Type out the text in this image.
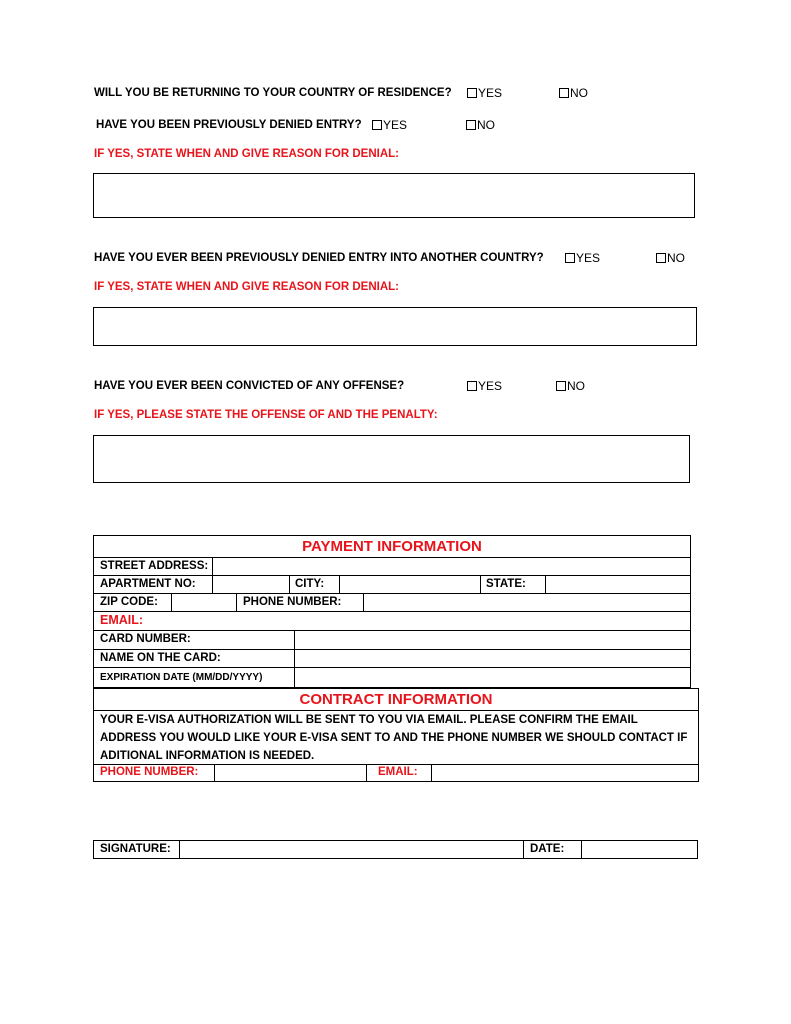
WILL YOU BE RETURNING TO YOUR COUNTRY OF RESIDENCE? YES	NO
HAVE YOU BEEN PREVIOUSLY DENIED ENTRY? YES	NO
IF YES, STATE WHEN AND GIVE REASON FOR DENIAL:
HAVE YOU EVER BEEN PREVIOUSLY DENIED ENTRY INTO ANOTHER COUNTRY?	YES	NO
IF YES, STATE WHEN AND GIVE REASON FOR DENIAL:
HAVE YOU EVER BEEN CONVICTED OF ANY OFFENSE?	YES	NO
IF YES, PLEASE STATE THE OFFENSE OF AND THE PENALTY:
PAYMENT INFORMATION
STREET ADDRESS:
APARTMENT NO:	CITY:	STATE:
ZIP CODE:	PHONE NUMBER:
EMAIL:
CARD NUMBER:
NAME ON THE CARD:
EXPIRATION DATE (MM/DD/YYYY)
CONTRACT INFORMATION
YOUR E-VISA AUTHORIZATION WILL BE SENT TO YOU VIA EMAIL. PLEASE CONFIRM THE EMAIL ADDRESS YOU WOULD LIKE YOUR E-VISA SENT TO AND THE PHONE NUMBER WE SHOULD CONTACT IF ADITIONAL INFORMATION IS NEEDED.
PHONE NUMBER:	EMAIL:
SIGNATURE:	DATE:
